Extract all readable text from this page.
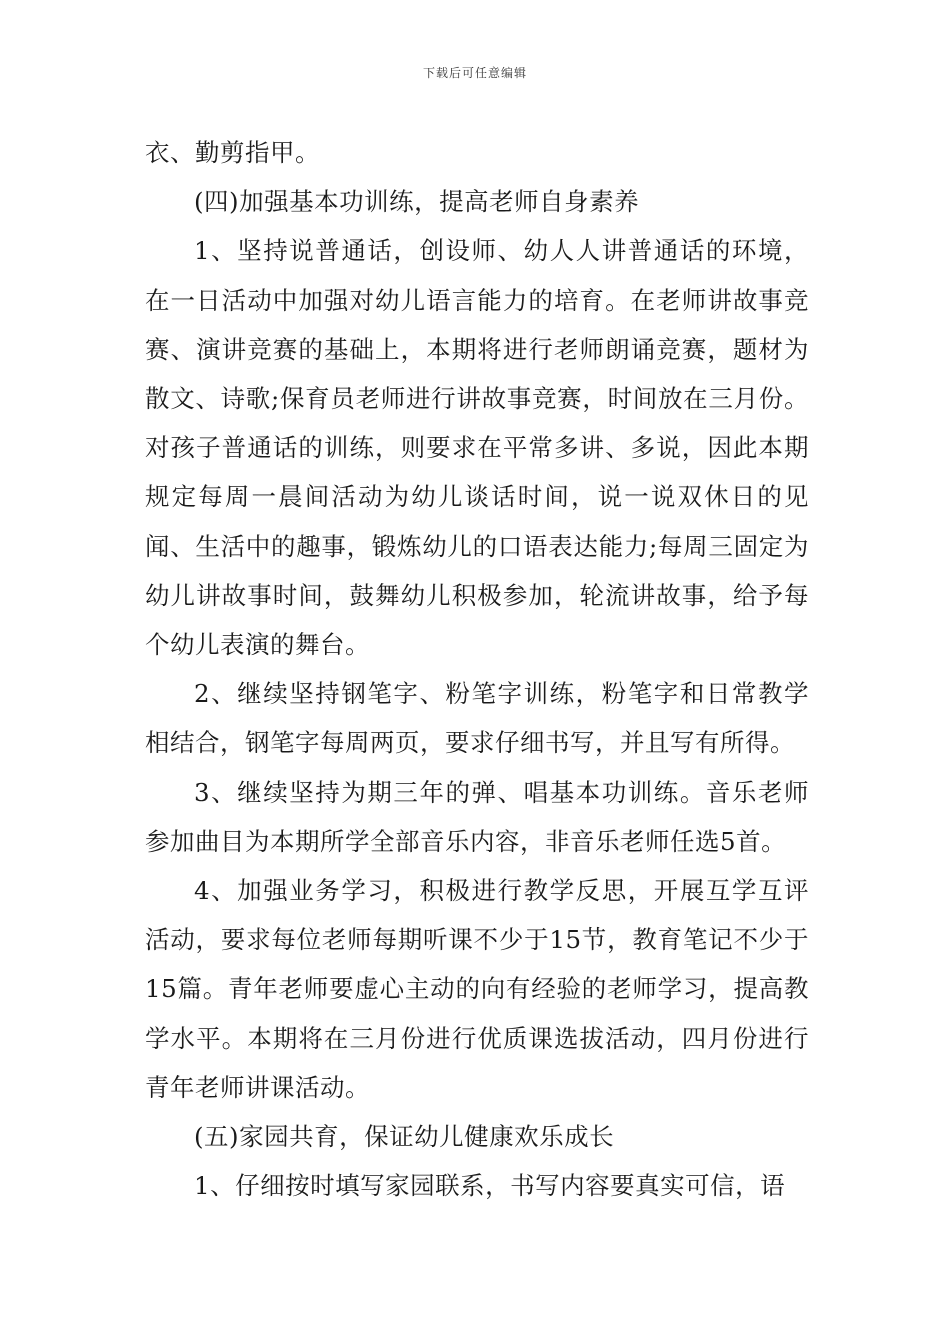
下载后可任意编辑

衣、勤剪指甲。

(四)加强基本功训练，提高老师自身素养

1、坚持说普通话，创设师、幼人人讲普通话的环境，在一日活动中加强对幼儿语言能力的培育。在老师讲故事竞赛、演讲竞赛的基础上，本期将进行老师朗诵竞赛，题材为散文、诗歌;保育员老师进行讲故事竞赛，时间放在三月份。对孩子普通话的训练，则要求在平常多讲、多说，因此本期规定每周一晨间活动为幼儿谈话时间，说一说双休日的见闻、生活中的趣事，锻炼幼儿的口语表达能力;每周三固定为幼儿讲故事时间，鼓舞幼儿积极参加，轮流讲故事，给予每个幼儿表演的舞台。

2、继续坚持钢笔字、粉笔字训练，粉笔字和日常教学相结合，钢笔字每周两页，要求仔细书写，并且写有所得。

3、继续坚持为期三年的弹、唱基本功训练。音乐老师参加曲目为本期所学全部音乐内容，非音乐老师任选5首。

4、加强业务学习，积极进行教学反思，开展互学互评活动，要求每位老师每期听课不少于15节，教育笔记不少于15篇。青年老师要虚心主动的向有经验的老师学习，提高教学水平。本期将在三月份进行优质课选拔活动，四月份进行青年老师讲课活动。

(五)家园共育，保证幼儿健康欢乐成长

1、仔细按时填写家园联系，书写内容要真实可信，语
